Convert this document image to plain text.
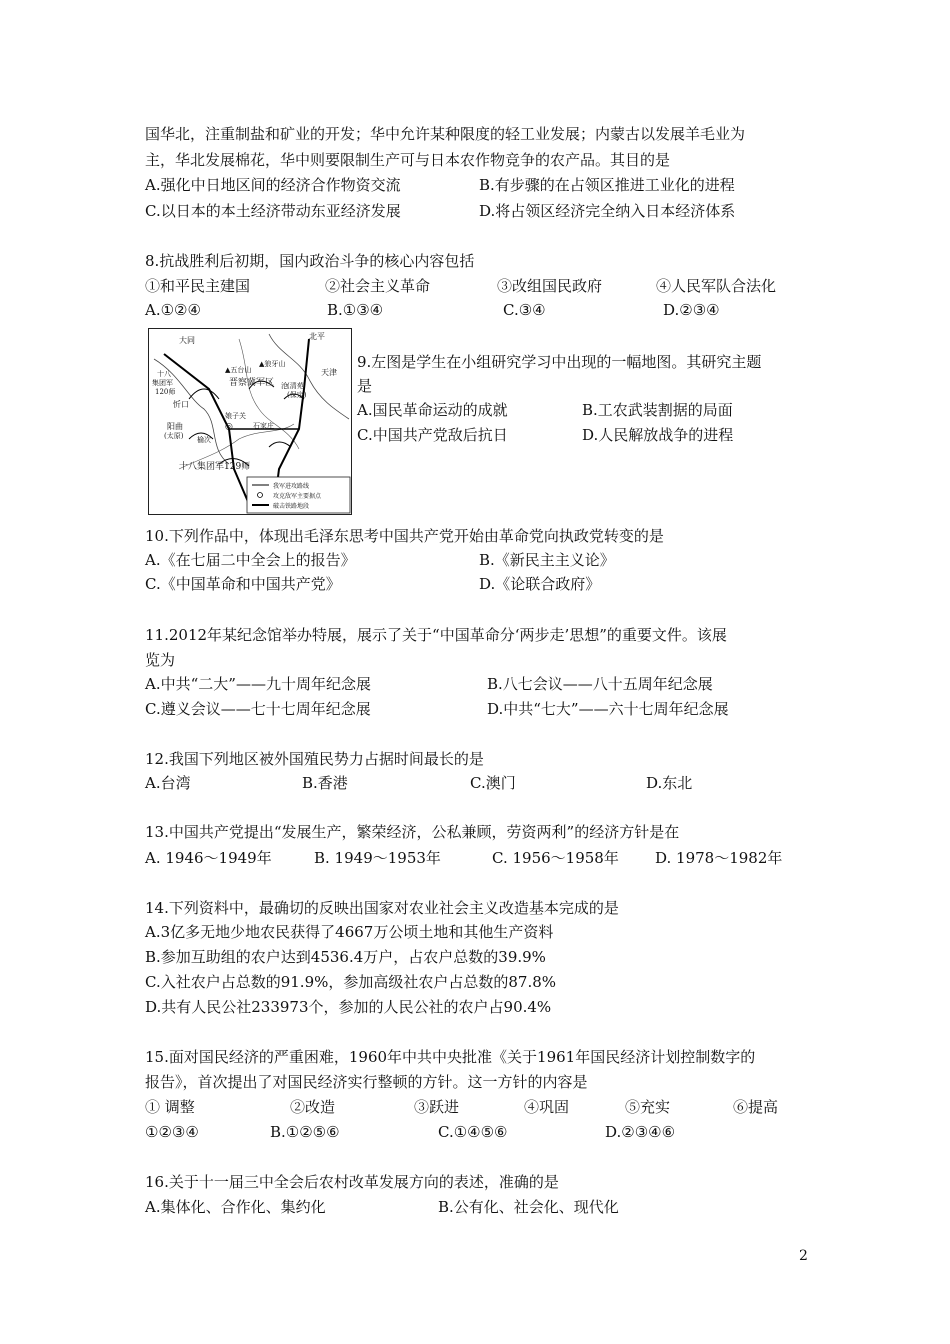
国华北，注重制盐和矿业的开发；华中允许某种限度的轻工业发展；内蒙古以发展羊毛业为
主，华北发展棉花，华中则要限制生产可与日本农作物竞争的农产品。其目的是
A.强化中日地区间的经济合作物资交流	B.有步骤的在占领区推进工业化的进程
C.以日本的本土经济带动东亚经济发展	D.将占领区经济完全纳入日本经济体系
8.抗战胜利后初期，国内政治斗争的核心内容包括
①和平民主建国	②社会主义革命	③改组国民政府	④人民军队合法化
A.①②④	B.①③④	C.③④	D.②③④
大同	北平
十八
集团军
120师
▲五台山
▲狼牙山
晋察冀军区
天津
忻口
沧 (清苑
(保定)
娘子关
◎
阳曲
(太原) 榆次
石家庄
十八集团军129师
我军进攻路线
攻克敌军主要据点
破击铁路地段
9.左图是学生在小组研究学习中出现的一幅地图。其研究主题
是
A.国民革命运动的成就	B.工农武装割据的局面
C.中国共产党敌后抗日	D.人民解放战争的进程
10.下列作品中，体现出毛泽东思考中国共产党开始由革命党向执政党转变的是
A.《在七届二中全会上的报告》	B.《新民主主义论》
C.《中国革命和中国共产党》	D.《论联合政府》
11.2012年某纪念馆举办特展，展示了关于“中国革命分‘两步走’思想”的重要文件。该展
览为
A.中共“二大”——九十周年纪念展	B.八七会议——八十五周年纪念展
C.遵义会议——七十七周年纪念展	D.中共“七大”——六十七周年纪念展
12.我国下列地区被外国殖民势力占据时间最长的是
A.台湾	B.香港	C.澳门	D.东北
13.中国共产党提出“发展生产，繁荣经济，公私兼顾，劳资两利”的经济方针是在
A. 1946～1949年	B. 1949～1953年	C. 1956～1958年 D. 1978～1982年
14.下列资料中，最确切的反映出国家对农业社会主义改造基本完成的是
A.3亿多无地少地农民获得了4667万公顷土地和其他生产资料
B.参加互助组的农户达到4536.4万户，占农户总数的39.9%
C.入社农户占总数的91.9%，参加高级社农户占总数的87.8%
D.共有人民公社233973个，参加的人民公社的农户占90.4%
15.面对国民经济的严重困难，1960年中共中央批准《关于1961年国民经济计划控制数字的
报告》，首次提出了对国民经济实行整顿的方针。这一方针的内容是
① 调整	②改造	③跃进	④巩固	⑤充实	⑥提高
①②③④	B.①②⑤⑥	C.①④⑤⑥	D.②③④⑥
16.关于十一届三中全会后农村改革发展方向的表述，准确的是
A.集体化、合作化、集约化	B.公有化、社会化、现代化
2
